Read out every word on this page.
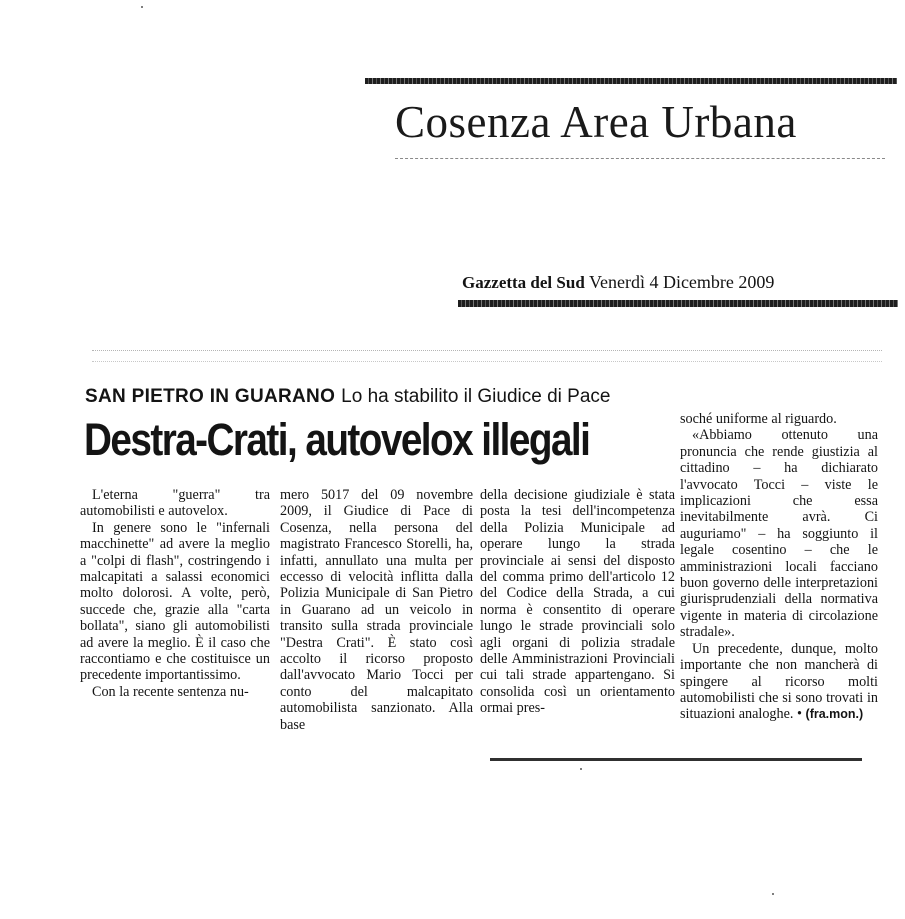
Cosenza Area Urbana
Gazzetta del Sud Venerdì 4 Dicembre 2009
SAN PIETRO IN GUARANO Lo ha stabilito il Giudice di Pace
Destra-Crati, autovelox illegali

L'eterna "guerra" tra automobilisti e autovelox.

In genere sono le "infernali macchinette" ad avere la meglio a "colpi di flash", costringendo i malcapitati a salassi economici molto dolorosi. A volte, però, succede che, grazie alla "carta bollata", siano gli automobilisti ad avere la meglio. È il caso che raccontiamo e che costituisce un precedente importantissimo.

Con la recente sentenza nu-

mero 5017 del 09 novembre 2009, il Giudice di Pace di Cosenza, nella persona del magistrato Francesco Storelli, ha, infatti, annullato una multa per eccesso di velocità inflitta dalla Polizia Municipale di San Pietro in Guarano ad un veicolo in transito sulla strada provinciale "Destra Crati". È stato così accolto il ricorso proposto dall'avvocato Mario Tocci per conto del malcapitato automobilista sanzionato. Alla base

della decisione giudiziale è stata posta la tesi dell'incompetenza della Polizia Municipale ad operare lungo la strada provinciale ai sensi del disposto del comma primo dell'articolo 12 del Codice della Strada, a cui norma è consentito di operare lungo le strade provinciali solo agli organi di polizia stradale delle Amministrazioni Provinciali cui tali strade appartengano. Si consolida così un orientamento ormai pres-

soché uniforme al riguardo.

«Abbiamo ottenuto una pronuncia che rende giustizia al cittadino – ha dichiarato l'avvocato Tocci – viste le implicazioni che essa inevitabilmente avrà. Ci auguriamo" – ha soggiunto il legale cosentino – che le amministrazioni locali facciano buon governo delle interpretazioni giurisprudenziali della normativa vigente in materia di circolazione stradale».

Un precedente, dunque, molto importante che non mancherà di spingere al ricorso molti automobilisti che si sono trovati in situazioni analoghe. • (fra.mon.)
